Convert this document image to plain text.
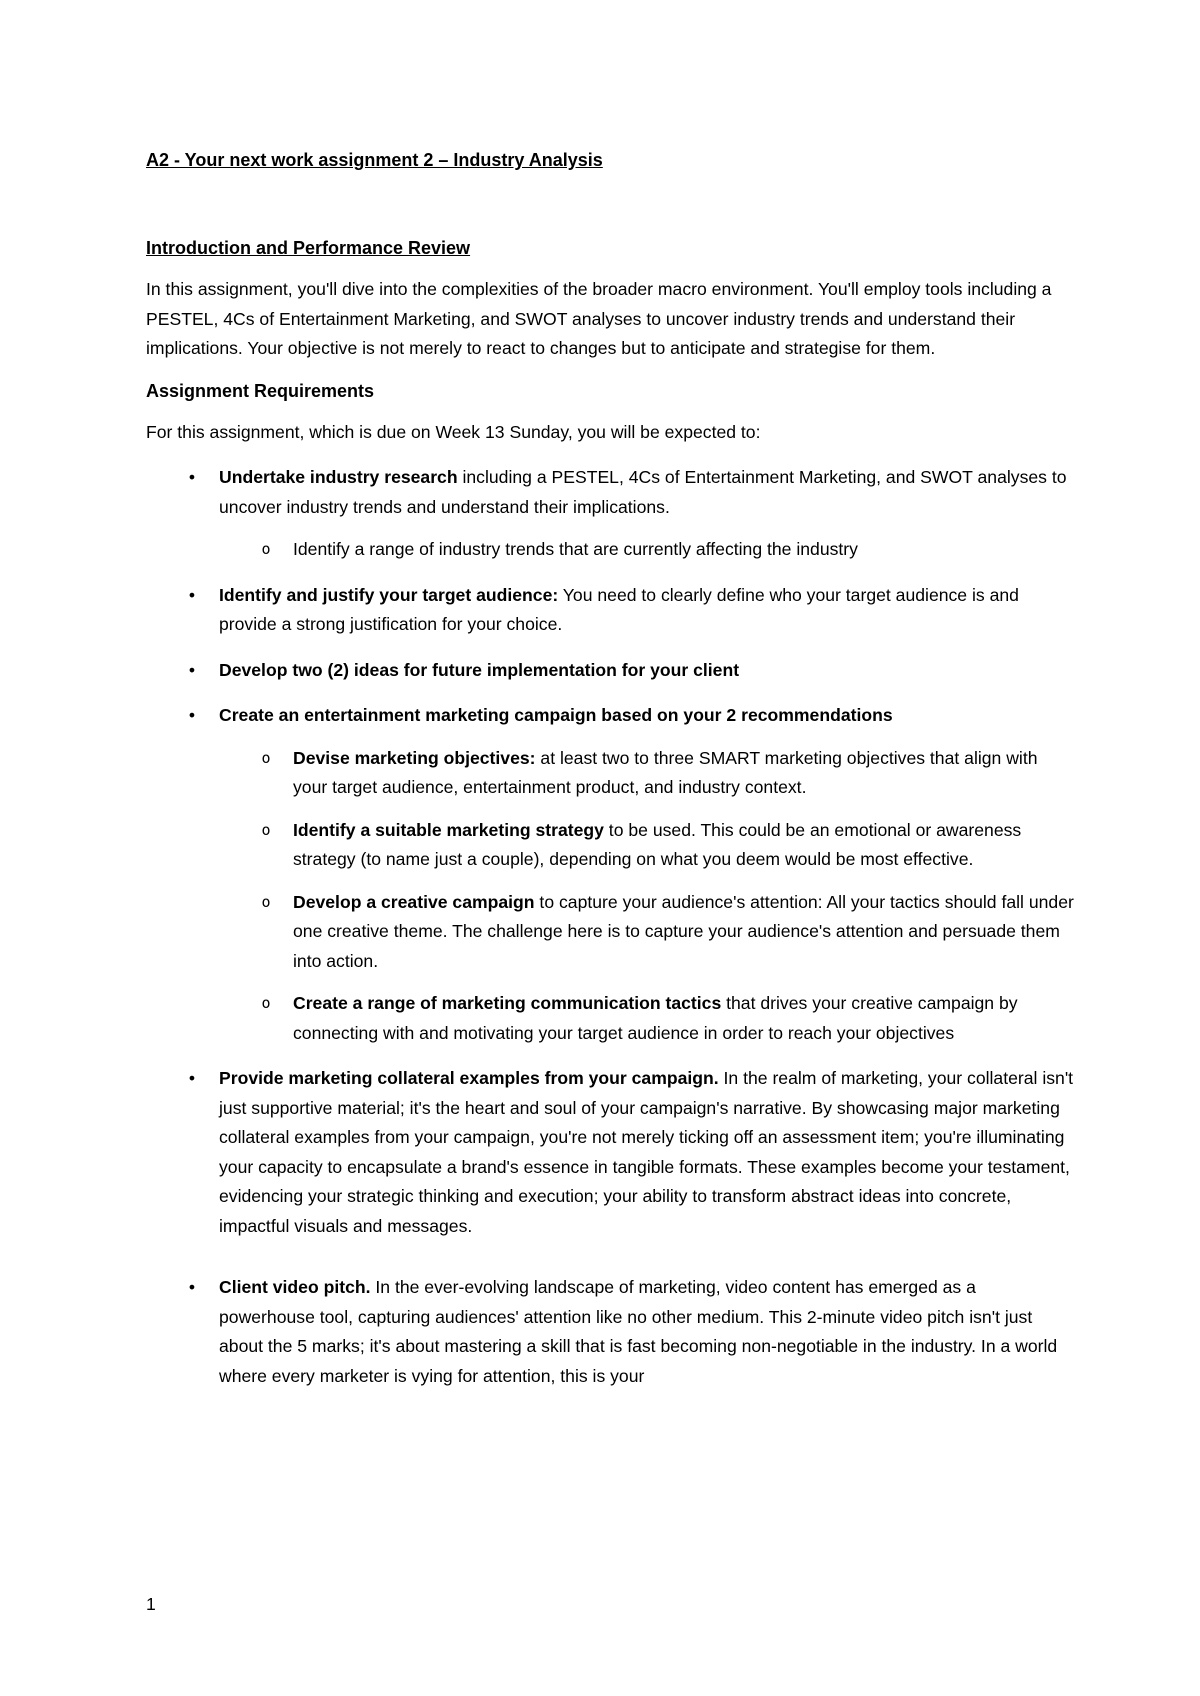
A2 - Your next work assignment 2 – Industry Analysis

Introduction and Performance Review

In this assignment, you'll dive into the complexities of the broader macro environment. You'll employ tools including a PESTEL, 4Cs of Entertainment Marketing, and SWOT analyses to uncover industry trends and understand their implications. Your objective is not merely to react to changes but to anticipate and strategise for them.

Assignment Requirements

For this assignment, which is due on Week 13 Sunday, you will be expected to:

•	Undertake industry research including a PESTEL, 4Cs of Entertainment Marketing, and SWOT analyses to uncover industry trends and understand their implications.
o Identify a range of industry trends that are currently affecting the industry
•	Identify and justify your target audience: You need to clearly define who your target audience is and provide a strong justification for your choice.
•	Develop two (2) ideas for future implementation for your client
•	Create an entertainment marketing campaign based on your 2 recommendations
o Devise marketing objectives: at least two to three SMART marketing objectives that align with your target audience, entertainment product, and industry context.
o Identify a suitable marketing strategy to be used. This could be an emotional or awareness strategy (to name just a couple), depending on what you deem would be most effective.
o Develop a creative campaign to capture your audience's attention: All your tactics should fall under one creative theme. The challenge here is to capture your audience's attention and persuade them into action.
o Create a range of marketing communication tactics that drives your creative campaign by connecting with and motivating your target audience in order to reach your objectives
•	Provide marketing collateral examples from your campaign. In the realm of marketing, your collateral isn't just supportive material; it's the heart and soul of your campaign's narrative. By showcasing major marketing collateral examples from your campaign, you're not merely ticking off an assessment item; you're illuminating your capacity to encapsulate a brand's essence in tangible formats. These examples become your testament, evidencing your strategic thinking and execution; your ability to transform abstract ideas into concrete, impactful visuals and messages.
•	Client video pitch. In the ever-evolving landscape of marketing, video content has emerged as a powerhouse tool, capturing audiences' attention like no other medium. This 2-minute video pitch isn't just about the 5 marks; it's about mastering a skill that is fast becoming non-negotiable in the industry. In a world where every marketer is vying for attention, this is your
1
